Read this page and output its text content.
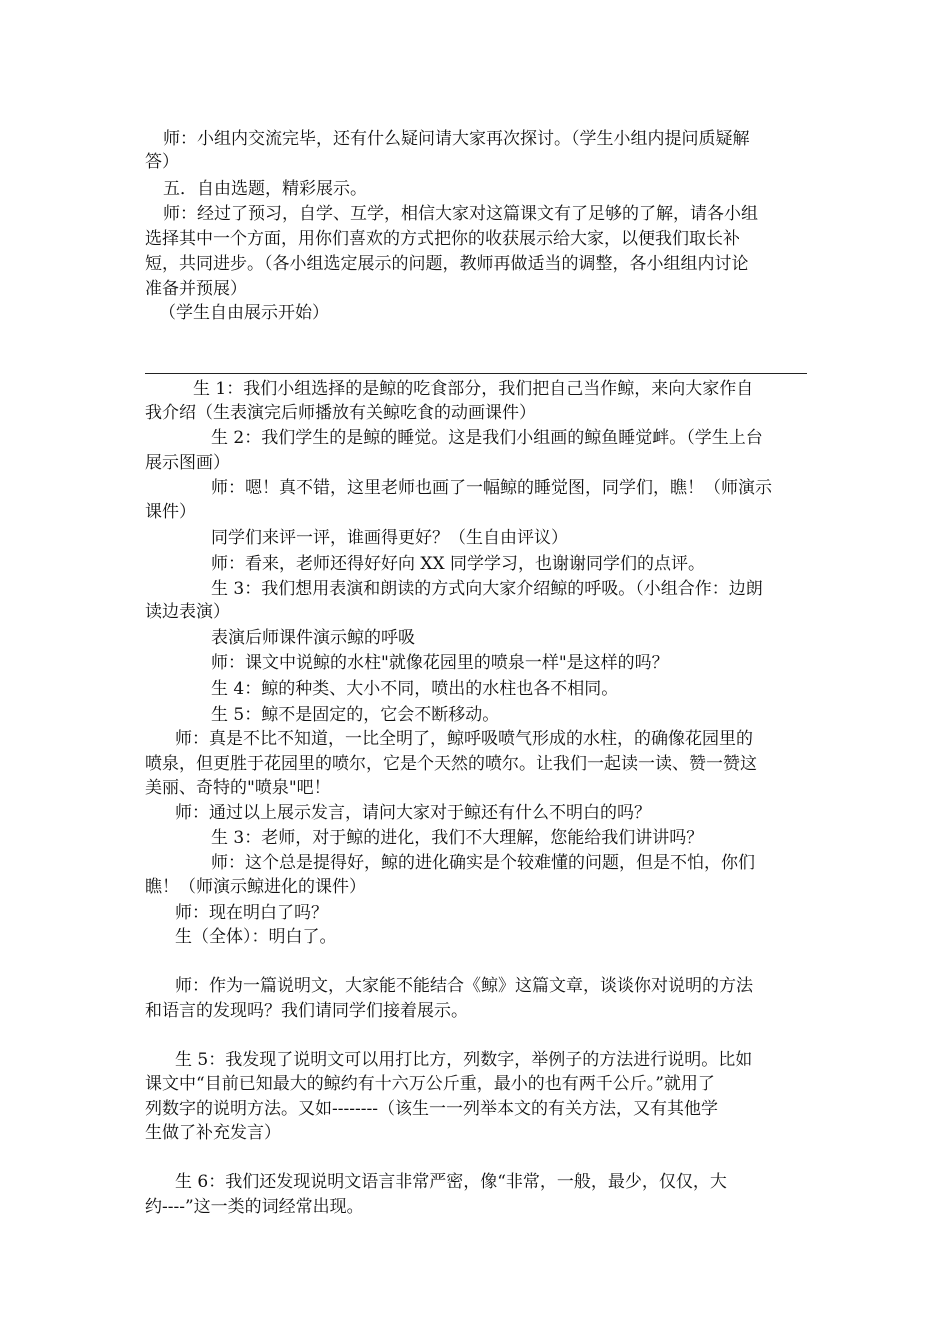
师：小组内交流完毕，还有什么疑问请大家再次探讨。（学生小组内提问质疑解
答）
五．自由选题，精彩展示。
师：经过了预习，自学、互学，相信大家对这篇课文有了足够的了解，请各小组
选择其中一个方面，用你们喜欢的方式把你的收获展示给大家，以便我们取长补
短，共同进步。（各小组选定展示的问题，教师再做适当的调整，各小组组内讨论
准备并预展）
（学生自由展示开始）
生 1：我们小组选择的是鲸的吃食部分，我们把自己当作鲸，来向大家作自
我介绍（生表演完后师播放有关鲸吃食的动画课件）
生 2：我们学生的是鲸的睡觉。这是我们小组画的鲸鱼睡觉衅。（学生上台
展示图画）
师：嗯！真不错，这里老师也画了一幅鲸的睡觉图，同学们，瞧！（师演示
课件）
同学们来评一评，谁画得更好？（生自由评议）
师：看来，老师还得好好向 XX 同学学习，也谢谢同学们的点评。
生 3：我们想用表演和朗读的方式向大家介绍鲸的呼吸。（小组合作：边朗
读边表演）
表演后师课件演示鲸的呼吸
师：课文中说鲸的水柱"就像花园里的喷泉一样"是这样的吗？
生 4：鲸的种类、大小不同，喷出的水柱也各不相同。
生 5：鲸不是固定的，它会不断移动。
师：真是不比不知道，一比全明了，鲸呼吸喷气形成的水柱，的确像花园里的
喷泉，但更胜于花园里的喷尔，它是个天然的喷尔。让我们一起读一读、赞一赞这
美丽、奇特的"喷泉"吧！
师：通过以上展示发言，请问大家对于鲸还有什么不明白的吗？
生 3：老师，对于鲸的进化，我们不大理解，您能给我们讲讲吗？
师：这个总是提得好，鲸的进化确实是个较难懂的问题，但是不怕，你们
瞧！（师演示鲸进化的课件）
师：现在明白了吗？
生（全体）：明白了。
师：作为一篇说明文，大家能不能结合《鲸》这篇文章，谈谈你对说明的方法
和语言的发现吗？我们请同学们接着展示。
生 5：我发现了说明文可以用打比方，列数字，举例子的方法进行说明。比如
课文中“目前已知最大的鲸约有十六万公斤重，最小的也有两千公斤。”就用了
列数字的说明方法。又如--------（该生一一列举本文的有关方法，又有其他学
生做了补充发言）
生 6：我们还发现说明文语言非常严密，像“非常，一般，最少，仅仅，大
约----”这一类的词经常出现。
